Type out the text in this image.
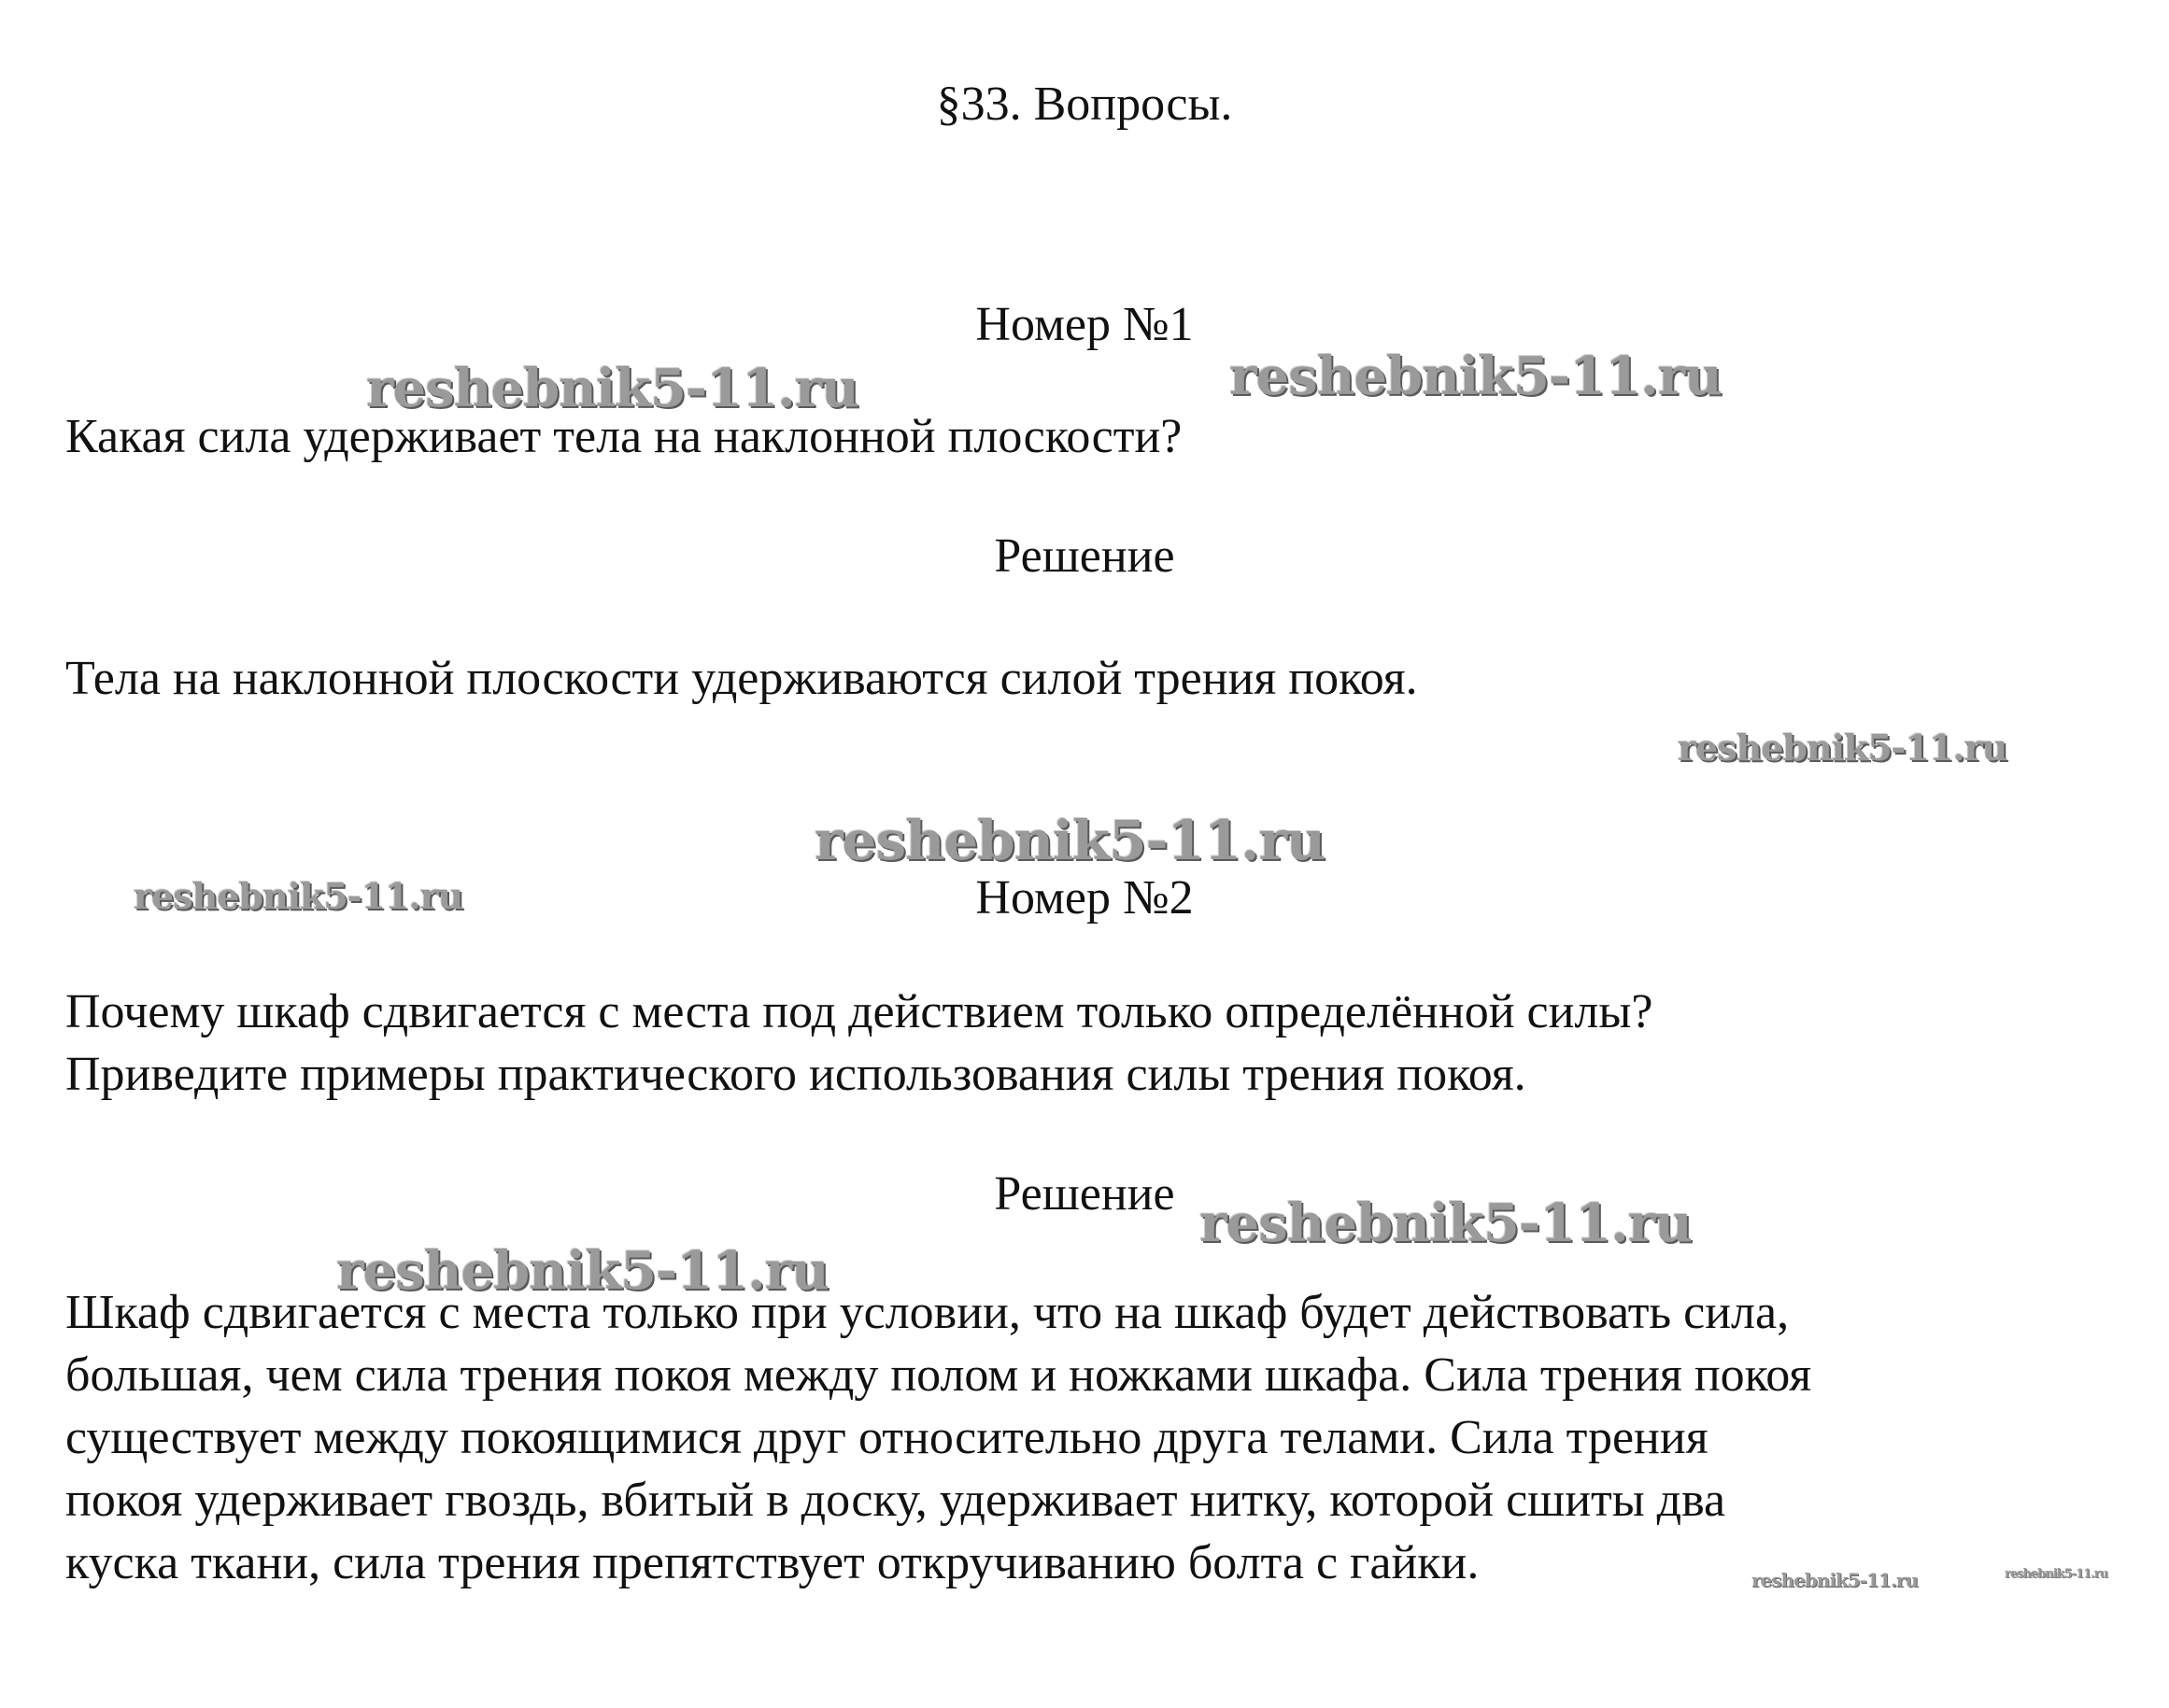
§33. Вопросы.
Номер №1
Какая сила удерживает тела на наклонной плоскости?
Решение
Тела на наклонной плоскости удерживаются силой трения покоя.
Номер №2
Почему шкаф сдвигается с места под действием только определённой силы?
Приведите примеры практического использования силы трения покоя.
Решение
Шкаф сдвигается с места только при условии, что на шкаф будет действовать сила,
большая, чем сила трения покоя между полом и ножками шкафа. Сила трения покоя
существует между покоящимися друг относительно друга телами. Сила трения
покоя удерживает гвоздь, вбитый в доску, удерживает нитку, которой сшиты два
куска ткани, сила трения препятствует откручиванию болта с гайки.
reshebnik5-11.ru	reshebnik5-11.ru
reshebnik5-11.ru
reshebnik5-11.ru
reshebnik5-11.ru
reshebnik5-11.ru
reshebnik5-11.ru
reshebnik5-11.ru	reshebnik5-11.ru
